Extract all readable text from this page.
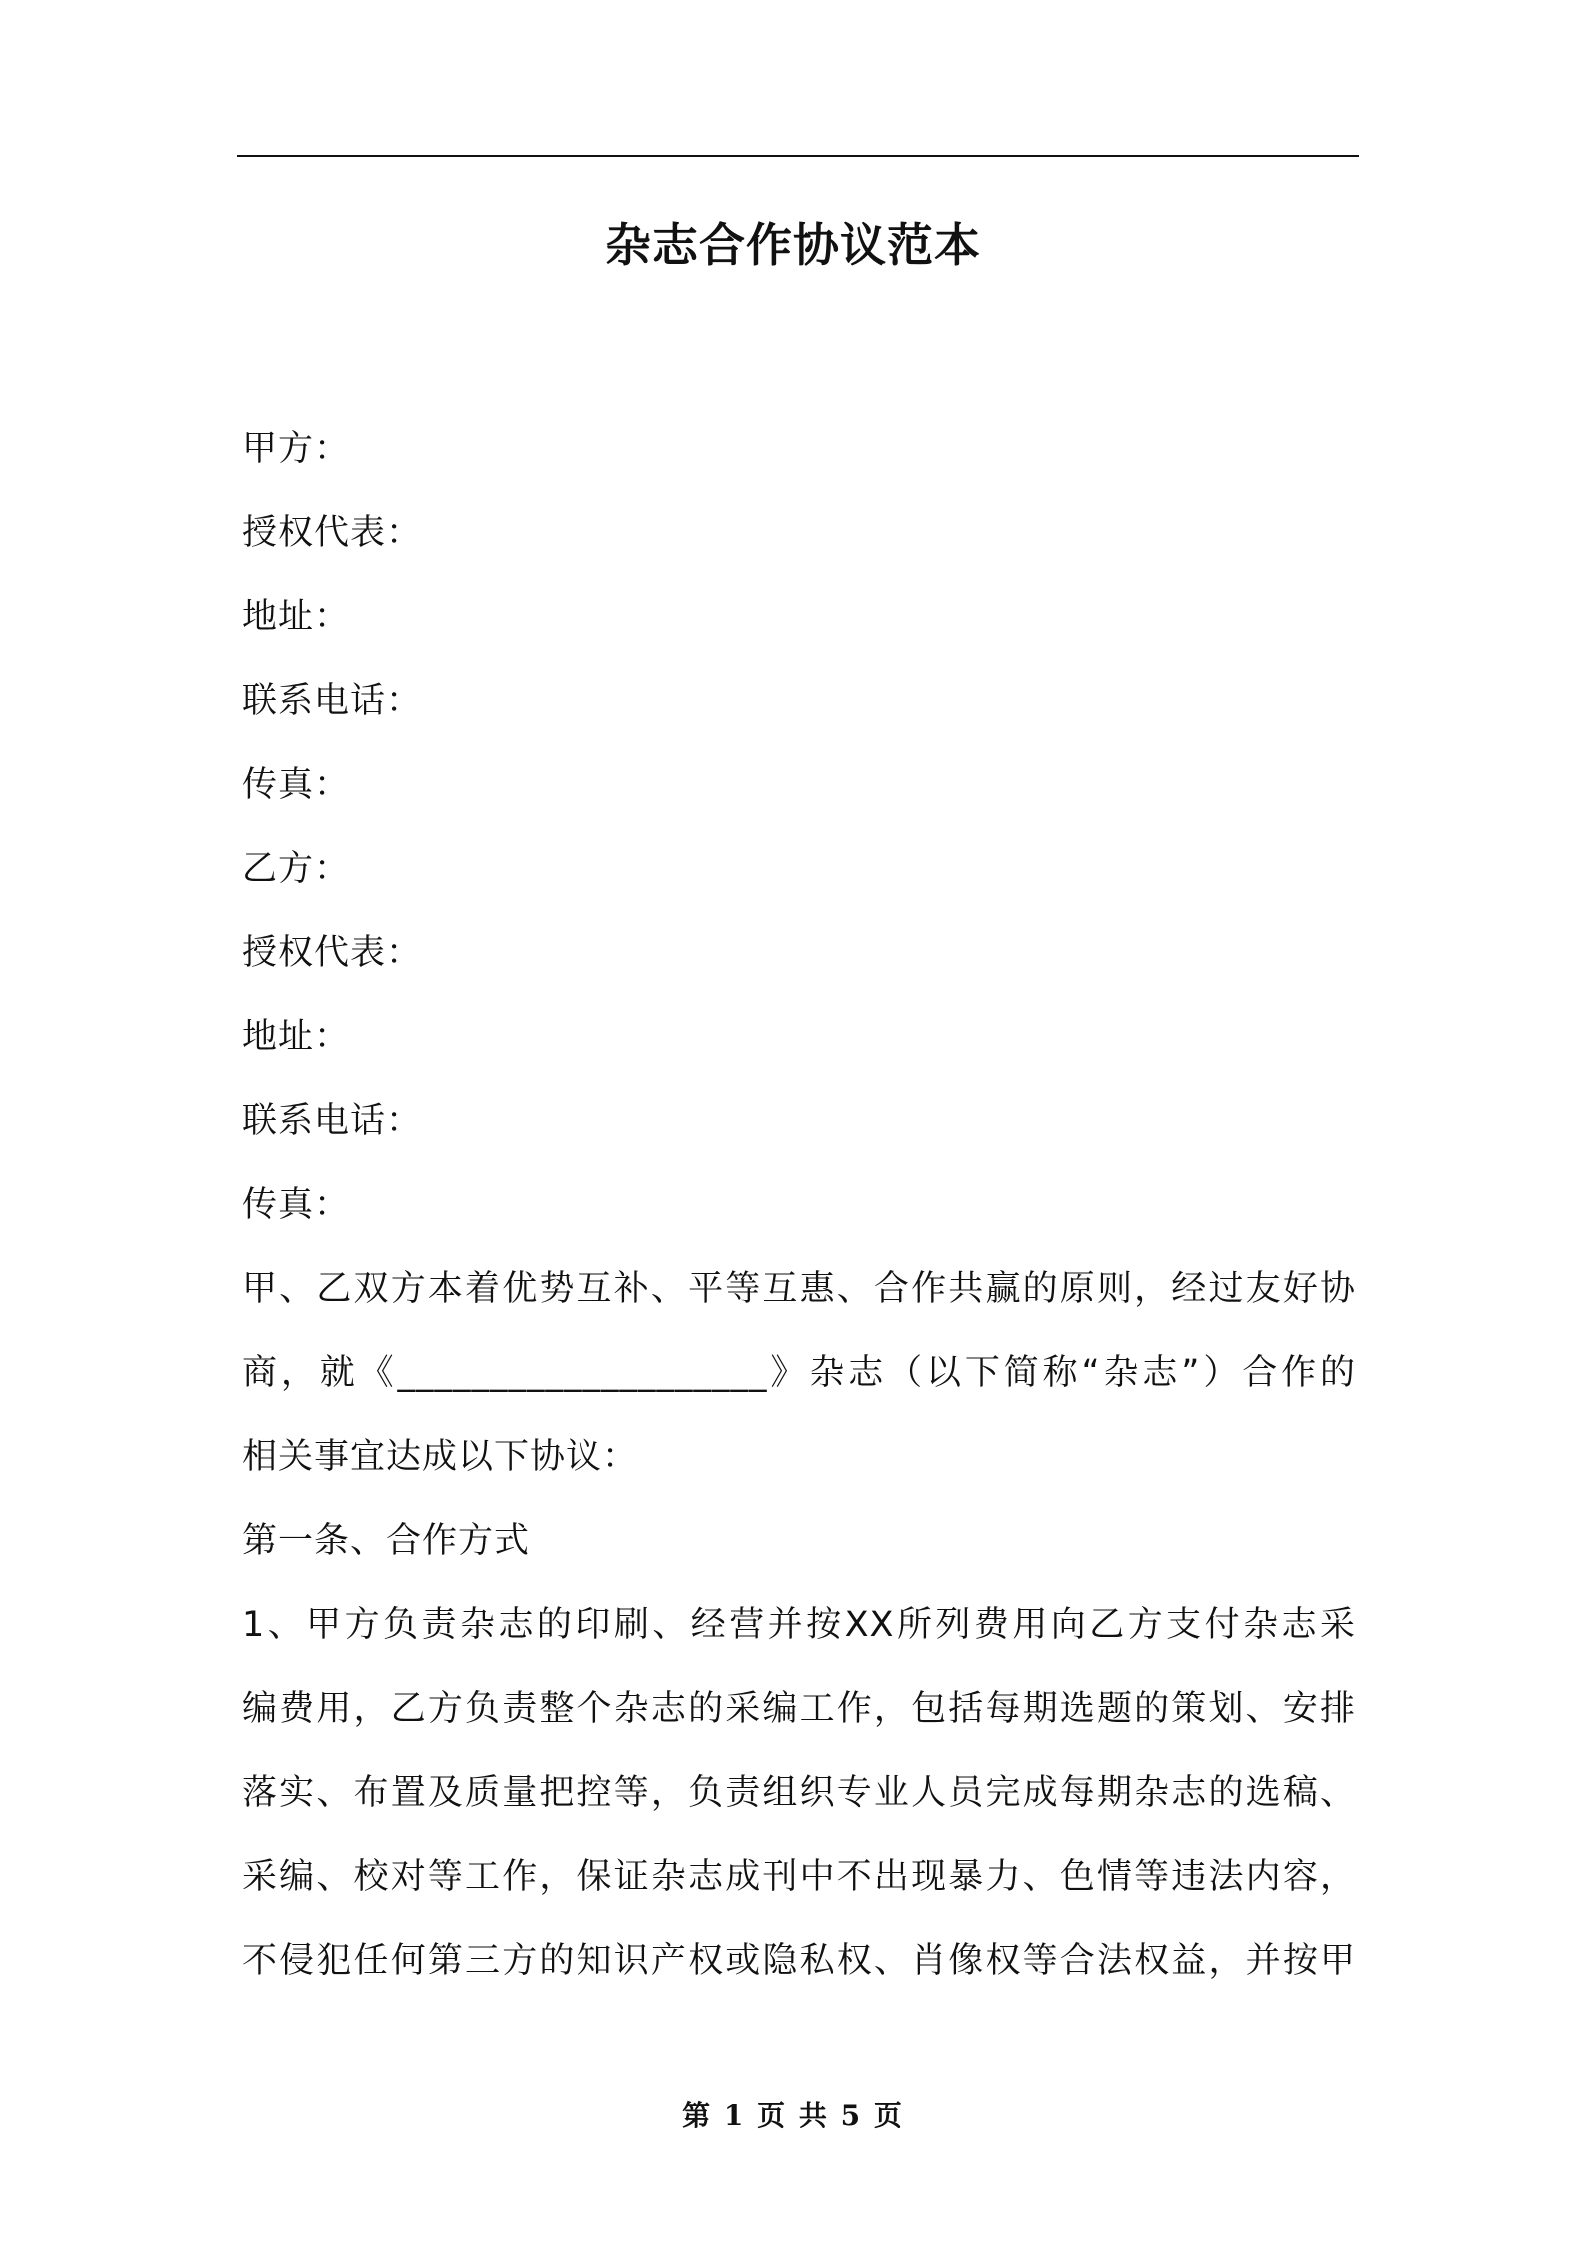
杂志合作协议范本
甲方：
授权代表：
地址：
联系电话：
传真：
乙方：
授权代表：
地址：
联系电话：
传真：
甲、乙双方本着优势互补、平等互惠、合作共赢的原则，经过友好协
商，就《____________________》杂志（以下简称“杂志”）合作的
相关事宜达成以下协议：
第一条、合作方式
1、甲方负责杂志的印刷、经营并按XX所列费用向乙方支付杂志采
编费用，乙方负责整个杂志的采编工作，包括每期选题的策划、安排
落实、布置及质量把控等，负责组织专业人员完成每期杂志的选稿、
采编、校对等工作，保证杂志成刊中不出现暴力、色情等违法内容，
不侵犯任何第三方的知识产权或隐私权、肖像权等合法权益，并按甲
第 1 页 共 5 页
